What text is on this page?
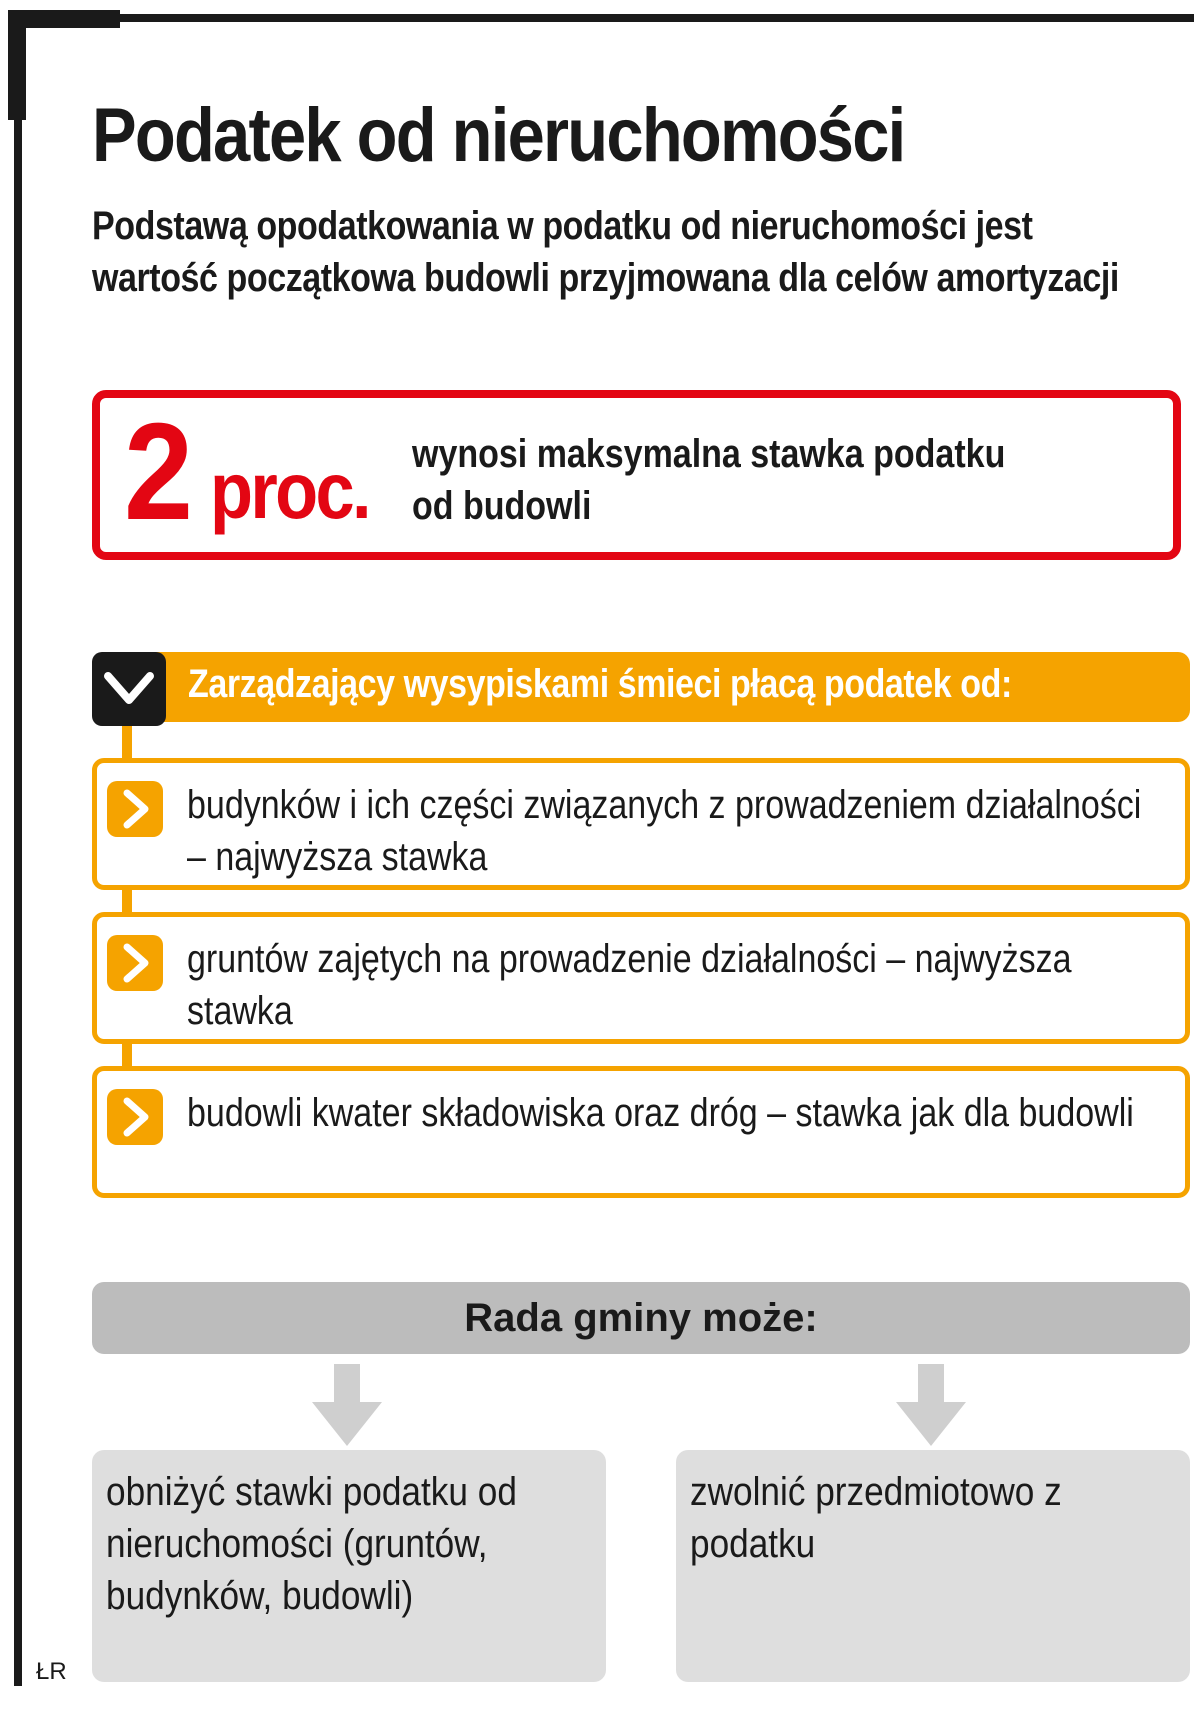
Podatek od nieruchomości

Podstawą opodatkowania w podatku od nieruchomości jest wartość początkowa budowli przyjmowana dla celów amortyzacji

2 proc. wynosi maksymalna stawka podatku od budowli

Zarządzający wysypiskami śmieci płacą podatek od:

budynków i ich części związanych z prowadzeniem działalności – najwyższa stawka

gruntów zajętych na prowadzenie działalności – najwyższa stawka

budowli kwater składowiska oraz dróg – stawka jak dla budowli

Rada gminy może:

obniżyć stawki podatku od nieruchomości (gruntów, budynków, budowli)

zwolnić przedmiotowo z podatku

ŁR
